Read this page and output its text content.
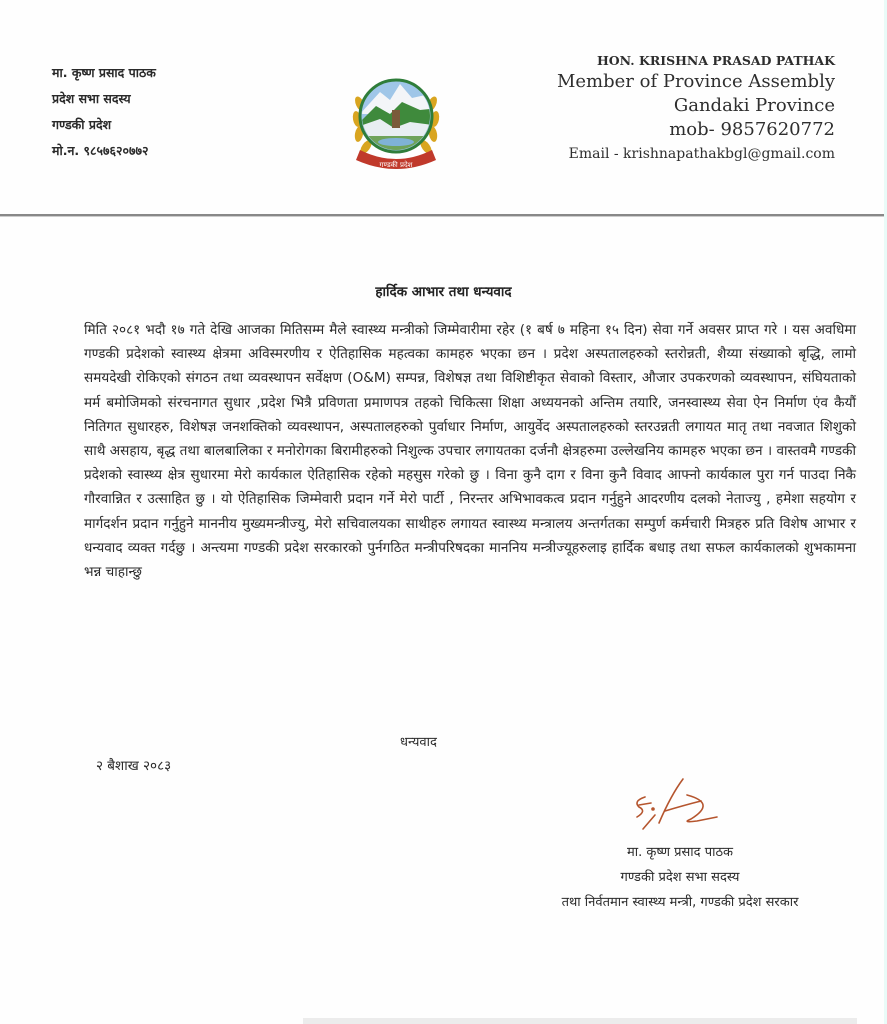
मा. कृष्ण प्रसाद पाठक
प्रदेश सभा सदस्य
गण्डकी प्रदेश
मो.न. ९८५७६२०७७२
गण्डकी प्रदेश
HON. KRISHNA PRASAD PATHAK
Member of Province Assembly
Gandaki Province
mob- 9857620772
Email - krishnapathakbgl@gmail.com
हार्दिक आभार तथा धन्यवाद
मिति २०८१ भदौ १७ गते देखि आजका मितिसम्म मैले स्वास्थ्य मन्त्रीको जिम्मेवारीमा रहेर (१ बर्ष ७ महिना १५ दिन) सेवा गर्ने अवसर प्राप्त गरे । यस अवधिमा गण्डकी प्रदेशको स्वास्थ्य क्षेत्रमा अविस्मरणीय र ऐतिहासिक महत्वका कामहरु भएका छन । प्रदेश अस्पतालहरुको स्तरोन्नती, शैय्या संख्याको बृद्धि, लामो समयदेखी रोकिएको संगठन तथा व्यवस्थापन सर्वेक्षण (O&M) सम्पन्न, विशेषज्ञ तथा विशिष्टीकृत सेवाको विस्तार, औजार उपकरणको व्यवस्थापन, संघियताको मर्म बमोजिमको संरचनागत सुधार ,प्रदेश भित्रै प्रविणता प्रमाणपत्र तहको चिकित्सा शिक्षा अध्ययनको अन्तिम तयारि, जनस्वास्थ्य सेवा ऐन निर्माण एंव कैयौं नितिगत सुधारहरु, विशेषज्ञ जनशक्तिको व्यवस्थापन, अस्पतालहरुको पुर्वाधार निर्माण, आयुर्वेद अस्पतालहरुको स्तरउन्नती लगायत मातृ तथा नवजात शिशुको साथै असहाय, बृद्ध तथा बालबालिका र मनोरोगका बिरामीहरुको निशुल्क उपचार लगायतका दर्जनौ क्षेत्रहरुमा उल्लेखनिय कामहरु भएका छन । वास्तवमै गण्डकी प्रदेशको स्वास्थ्य क्षेत्र सुधारमा मेरो कार्यकाल ऐतिहासिक रहेको महसुस गरेको छु । विना कुनै दाग र विना कुनै विवाद आफ्नो कार्यकाल पुरा गर्न पाउदा निकै गौरवान्नित र उत्साहित छु । यो ऐतिहासिक जिम्मेवारी प्रदान गर्ने मेरो पार्टी , निरन्तर अभिभावकत्व प्रदान गर्नुहुने आदरणीय दलको नेताज्यु , हमेशा सहयोग र मार्गदर्शन प्रदान गर्नुहुने माननीय मुख्यमन्त्रीज्यु, मेरो सचिवालयका साथीहरु लगायत स्वास्थ्य मन्त्रालय अन्तर्गतका सम्पुर्ण कर्मचारी मित्रहरु प्रति विशेष आभार र धन्यवाद व्यक्त गर्दछु । अन्त्यमा गण्डकी प्रदेश सरकारको पुर्नगठित मन्त्रीपरिषदका माननिय मन्त्रीज्यूहरुलाइ हार्दिक बधाइ तथा सफल कार्यकालको शुभकामना भन्न चाहान्छु
धन्यवाद
२ बैशाख २०८३
मा. कृष्ण प्रसाद पाठक
गण्डकी प्रदेश सभा सदस्य
तथा निर्वतमान स्वास्थ्य मन्त्री, गण्डकी प्रदेश सरकार
